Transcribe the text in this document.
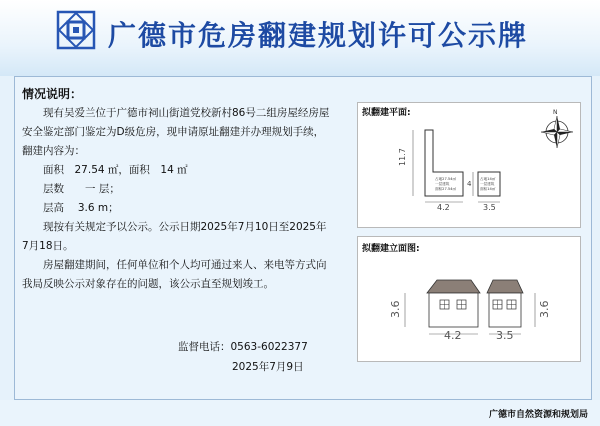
广德市危房翻建规划许可公示牌
情况说明：

现有吴爱兰位于广德市祠山街道党校新村86号二组房屋经房屋安全鉴定部门鉴定为D级危房，现申请原址翻建并办理规划手续，翻建内容为：

面积　27.54 ㎡，面积　14 ㎡

层数　　一 层；

层高　 3.6 m；

现按有关规定予以公示。公示日期2025年7月10日至2025年7月18日。

房屋翻建期间，任何单位和个人均可通过来人、来电等方式向我局反映公示对象存在的问题，该公示直至规划竣工。

监督电话：0563-6022377
2025年7月9日
拟翻建平面:
11.7
4.2
4
3.5
占地27.54㎡
一层建筑
面积27.54㎡
占地14㎡
一层建筑
面积14㎡
N
拟翻建立面图:
3.6	3.6
4.2	3.5
广德市自然资源和规划局
